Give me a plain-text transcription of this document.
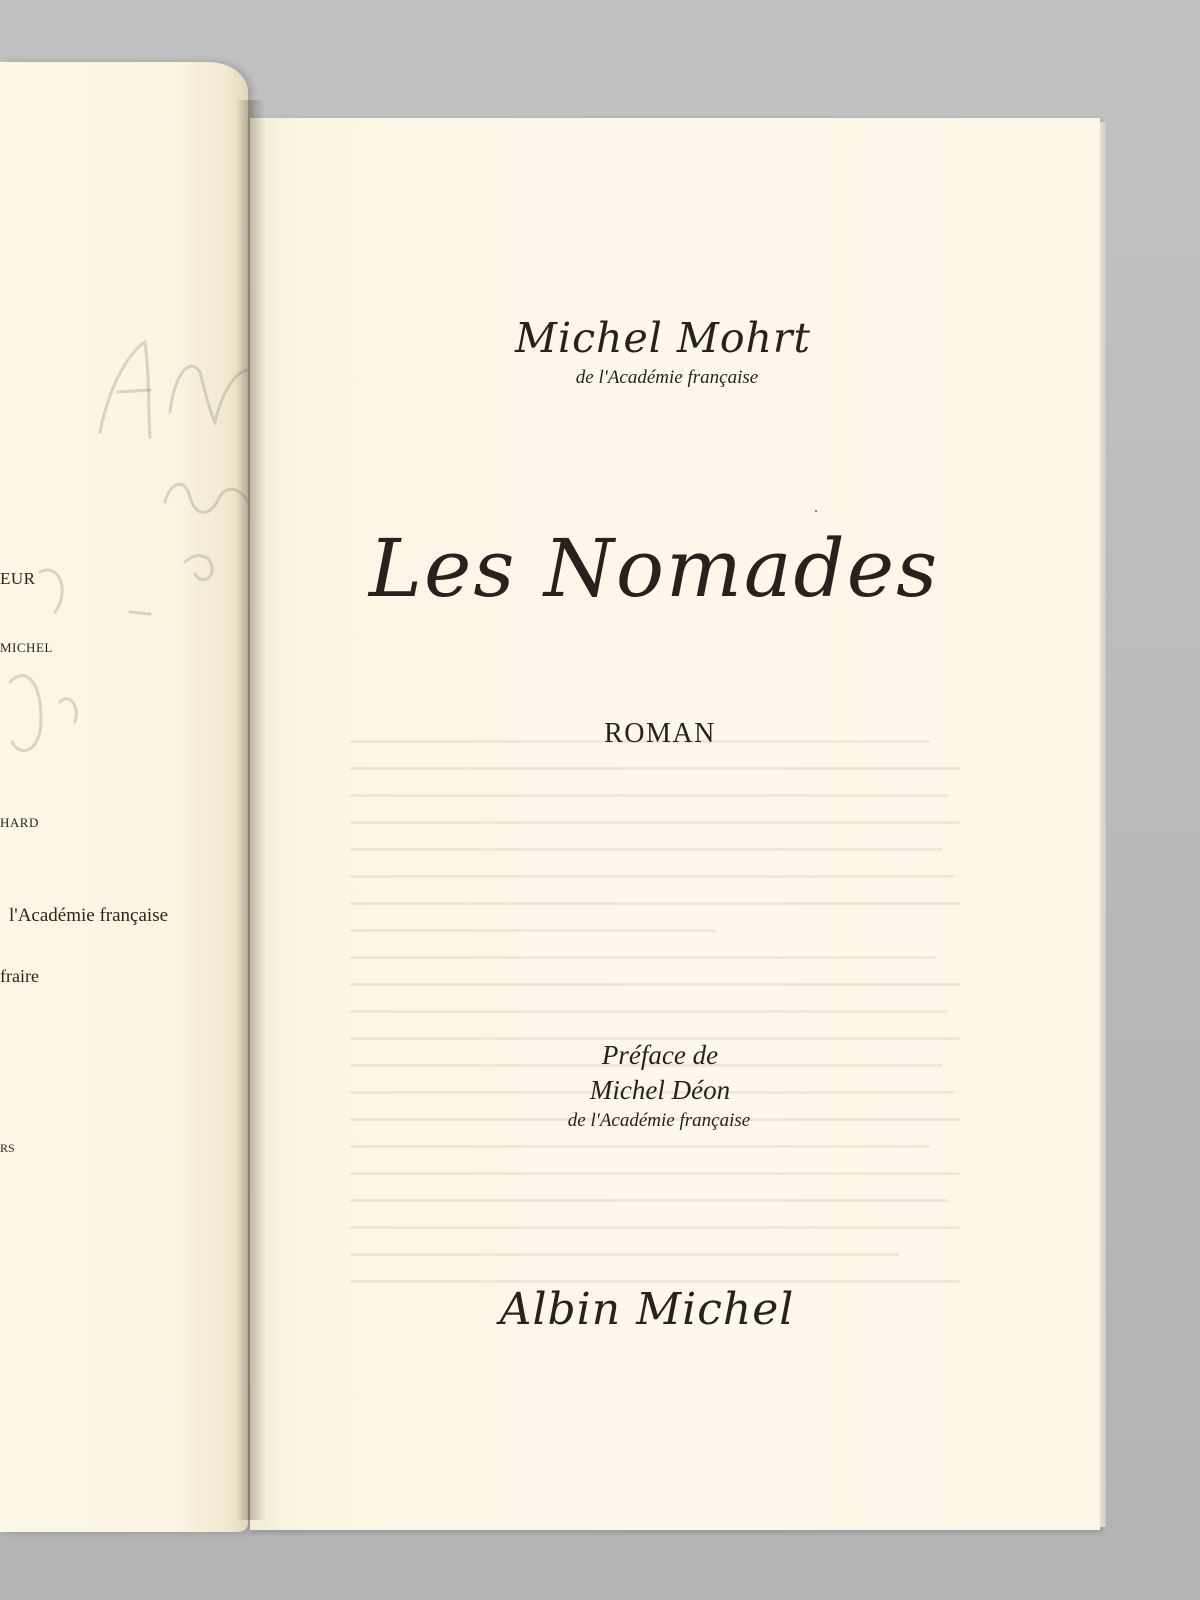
EUR
MICHEL
HARD
l'Académie française
fraire
RS
Michel Mohrt
de l'Académie française
Les Nomades
ROMAN
Préface de
Michel Déon
de l'Académie française
Albin Michel
